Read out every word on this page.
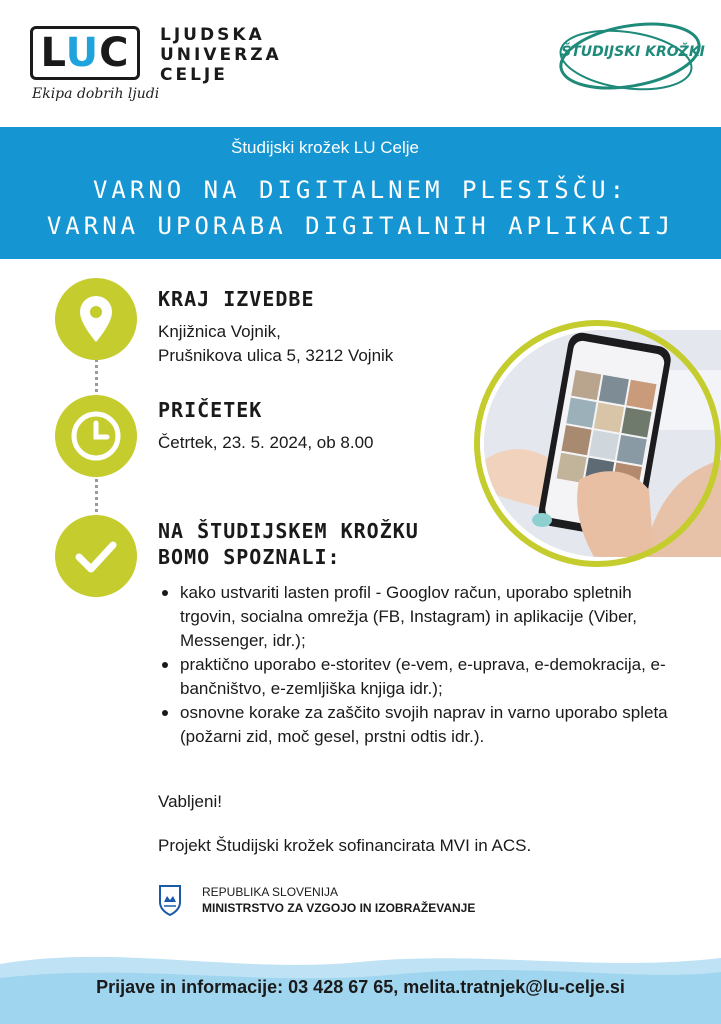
LUC	LJUDSKA
UNIVERZA
CELJE
Ekipa dobrih ljudi
ŠTUDIJSKI KROŽKI
Študijski krožek LU Celje
VARNO NA DIGITALNEM PLESIŠČU:
VARNA UPORABA DIGITALNIH APLIKACIJ
KRAJ IZVEDBE
Knjižnica Vojnik,
Prušnikova ulica 5, 3212 Vojnik
PRIČETEK
Četrtek, 23. 5. 2024, ob 8.00
NA ŠTUDIJSKEM KROŽKU
BOMO SPOZNALI:
kako ustvariti lasten profil - Googlov račun, uporabo spletnih trgovin, socialna omrežja (FB, Instagram) in aplikacije (Viber, Messenger, idr.);
praktično uporabo e-storitev (e-vem, e-uprava, e-demokracija, e-bančništvo, e-zemljiška knjiga idr.);
osnovne korake za zaščito svojih naprav in varno uporabo spleta (požarni zid, moč gesel, prstni odtis idr.).
Vabljeni!
Projekt Študijski krožek sofinancirata MVI in ACS.
REPUBLIKA SLOVENIJA
MINISTRSTVO ZA VZGOJO IN IZOBRAŽEVANJE
Prijave in informacije: 03 428 67 65, melita.tratnjek@lu-celje.si
